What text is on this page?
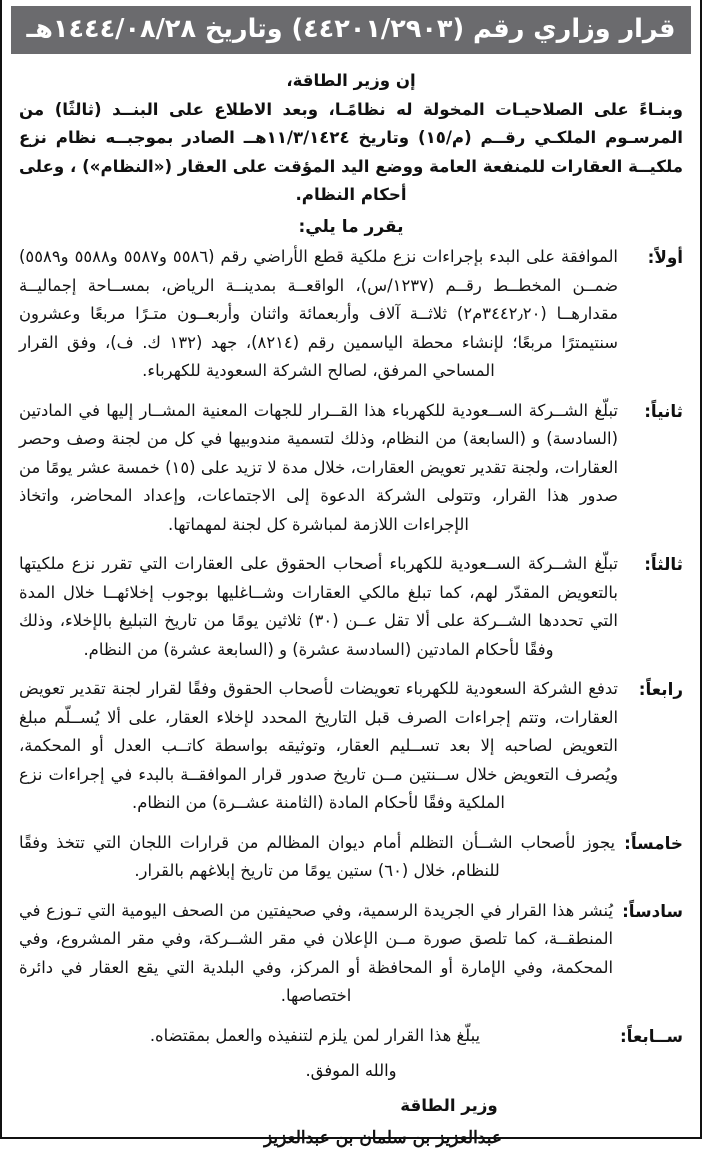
قرار وزاري رقم (٤٤٢٠١/٢٩٠٣) وتاريخ ١٤٤٤/٠٨/٢٨هـ

إن وزير الطاقة،

وبنـاءً على الصلاحيـات المخولة له نظامًـا، وبعد الاطلاع على البنــد (ثالثًا) من المرسـوم الملكـي رقــم (م/١٥) وتاريخ ١١/٣/١٤٢٤هــ الصادر بموجبــه نظام نزع ملكيــة العقارات للمنفعة العامة ووضع اليد المؤقت على العقار («النظام») ، وعلى أحكام النظام.

يقرر ما يلي:

أولاً:
الموافقة على البدء بإجراءات نزع ملكية قطع الأراضي رقم (٥٥٨٦ و٥٥٨٧ و٥٥٨٨ و٥٥٨٩) ضمــن المخطــط رقــم (١٢٣٧/س)، الواقعــة بمدينــة الرياض، بمســاحة إجماليــة مقدارهــا (٣٤٤٢٫٢٠م٢) ثلاثــة آلاف وأربعمائة واثنان وأربعــون متـرًا مربعًا وعشرون سنتيمترًا مربعًا؛ لإنشاء محطة الياسمين رقم (٨٢١٤)، جهد (١٣٢ ك. ف)، وفق القرار المساحي المرفق، لصالح الشركة السعودية للكهرباء.
ثانياً:
تبلّغ الشــركة الســعودية للكهرباء هذا القــرار للجهات المعنية المشــار إليها في المادتين (السادسة) و (السابعة) من النظام، وذلك لتسمية مندوبيها في كل من لجنة وصف وحصر العقارات، ولجنة تقدير تعويض العقارات، خلال مدة لا تزيد على (١٥) خمسة عشر يومًا من صدور هذا القرار، وتتولى الشركة الدعوة إلى الاجتماعات، وإعداد المحاضر، واتخاذ الإجراءات اللازمة لمباشرة كل لجنة لمهماتها.
ثالثاً:
تبلّغ الشــركة الســعودية للكهرباء أصحاب الحقوق على العقارات التي تقرر نزع ملكيتها بالتعويض المقدّر لهم، كما تبلغ مالكي العقارات وشــاغليها بوجوب إخلائهــا خلال المدة التي تحددها الشــركة على ألا تقل عــن (٣٠) ثلاثين يومًا من تاريخ التبليغ بالإخلاء، وذلك وفقًا لأحكام المادتين (السادسة عشرة) و (السابعة عشرة) من النظام.
رابعاً:
تدفع الشركة السعودية للكهرباء تعويضات لأصحاب الحقوق وفقًا لقرار لجنة تقدير تعويض العقارات، وتتم إجراءات الصرف قبل التاريخ المحدد لإخلاء العقار، على ألا يُســلّم مبلغ التعويض لصاحبه إلا بعد تســليم العقار، وتوثيقه بواسطة كاتــب العدل أو المحكمة، ويُصرف التعويض خلال ســنتين مــن تاريخ صدور قرار الموافقــة بالبدء في إجراءات نزع الملكية وفقًا لأحكام المادة (الثامنة عشــرة) من النظام.
خامساً:
يجوز لأصحاب الشــأن التظلم أمام ديوان المظالم من قرارات اللجان التي تتخذ وفقًا للنظام، خلال (٦٠) ستين يومًا من تاريخ إبلاغهم بالقرار.
سادساً:
يُنشر هذا القرار في الجريدة الرسمية، وفي صحيفتين من الصحف اليومية التي تـوزع في المنطقــة، كما تلصق صورة مــن الإعلان في مقر الشــركة، وفي مقر المشروع، وفي المحكمة، وفي الإمارة أو المحافظة أو المركز، وفي البلدية التي يقع العقار في دائرة اختصاصها.
ســابعاً:
يبلّغ هذا القرار لمن يلزم لتنفيذه والعمل بمقتضاه.

والله الموفق.

وزير الطاقة
عبدالعزيز بن سلمان بن عبدالعزيز
